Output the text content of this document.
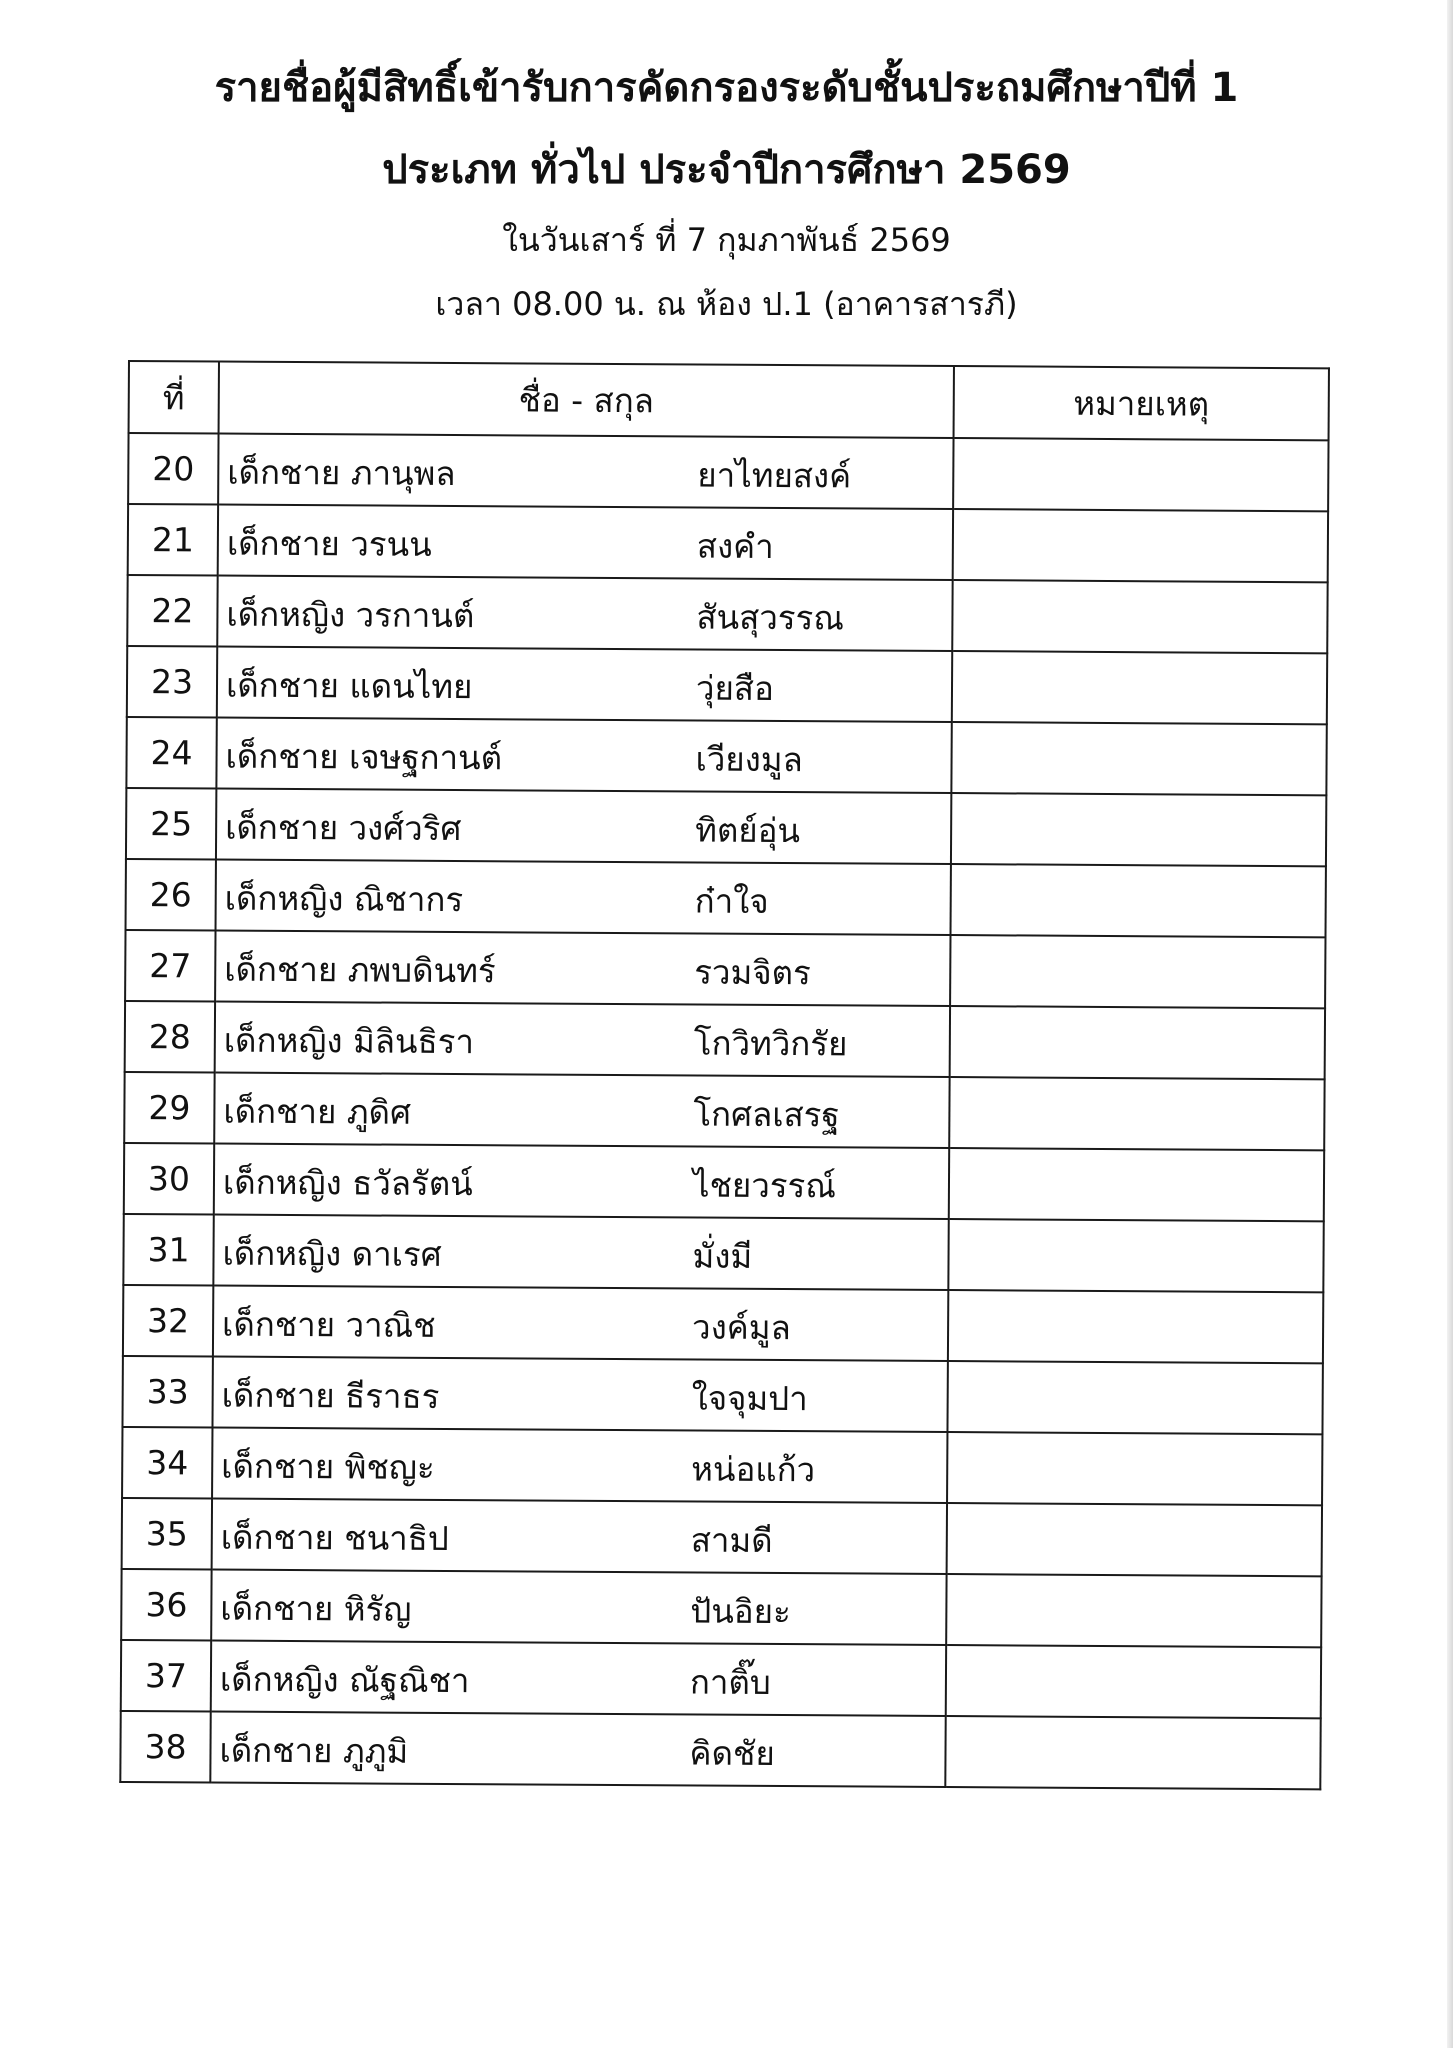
รายชื่อผู้มีสิทธิ์เข้ารับการคัดกรองระดับชั้นประถมศึกษาปีที่ 1
ประเภท ทั่วไป ประจำปีการศึกษา 2569
ในวันเสาร์ ที่ 7 กุมภาพันธ์ 2569
เวลา 08.00 น. ณ ห้อง ป.1 (อาคารสารภี)
ที่	ชื่อ - สกุล	หมายเหตุ
20	เด็กชาย ภานุพล ยาไทยสงค์	

21	เด็กชาย วรนน สงคำ	

22	เด็กหญิง วรกานต์ สันสุวรรณ	

23	เด็กชาย แดนไทย วุ่ยสือ	

24	เด็กชาย เจษฐกานต์ เวียงมูล	

25	เด็กชาย วงศ์วริศ ทิตย์อุ่น	

26	เด็กหญิง ณิชากร ก๋าใจ	

27	เด็กชาย ภพบดินทร์ รวมจิตร	

28	เด็กหญิง มิลินธิรา โกวิทวิกรัย	

29	เด็กชาย ภูดิศ โกศลเสรฐ	

30	เด็กหญิง ธวัลรัตน์ ไชยวรรณ์	

31	เด็กหญิง ดาเรศ มั่งมี	

32	เด็กชาย วาณิช วงค์มูล	

33	เด็กชาย ธีราธร ใจจุมปา	

34	เด็กชาย พิชญะ หน่อแก้ว	

35	เด็กชาย ชนาธิป สามดี	

36	เด็กชาย หิรัญ ปันอิยะ	

37	เด็กหญิง ณัฐณิชา กาติ๊บ	

38	เด็กชาย ภูภูมิ คิดชัย	
